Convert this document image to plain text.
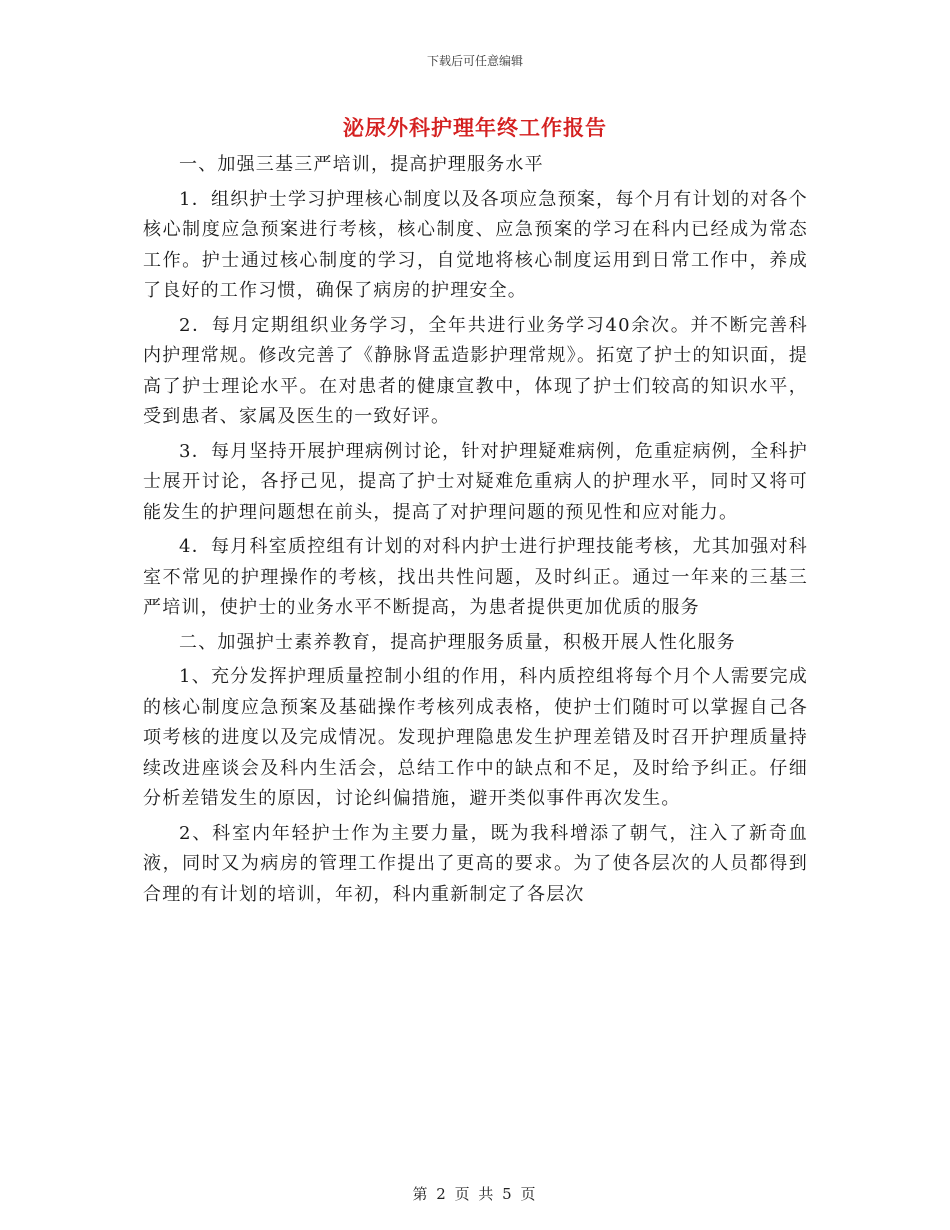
下载后可任意编辑
泌尿外科护理年终工作报告

一、加强三基三严培训，提高护理服务水平

1．组织护士学习护理核心制度以及各项应急预案，每个月有计划的对各个核心制度应急预案进行考核，核心制度、应急预案的学习在科内已经成为常态工作。护士通过核心制度的学习，自觉地将核心制度运用到日常工作中，养成了良好的工作习惯，确保了病房的护理安全。

2．每月定期组织业务学习，全年共进行业务学习40余次。并不断完善科内护理常规。修改完善了《静脉肾盂造影护理常规》。拓宽了护士的知识面，提高了护士理论水平。在对患者的健康宣教中，体现了护士们较高的知识水平，受到患者、家属及医生的一致好评。

3．每月坚持开展护理病例讨论，针对护理疑难病例，危重症病例，全科护士展开讨论，各抒己见，提高了护士对疑难危重病人的护理水平，同时又将可能发生的护理问题想在前头，提高了对护理问题的预见性和应对能力。

4．每月科室质控组有计划的对科内护士进行护理技能考核，尤其加强对科室不常见的护理操作的考核，找出共性问题，及时纠正。通过一年来的三基三严培训，使护士的业务水平不断提高，为患者提供更加优质的服务

二、加强护士素养教育，提高护理服务质量，积极开展人性化服务

1、充分发挥护理质量控制小组的作用，科内质控组将每个月个人需要完成的核心制度应急预案及基础操作考核列成表格，使护士们随时可以掌握自己各项考核的进度以及完成情况。发现护理隐患发生护理差错及时召开护理质量持续改进座谈会及科内生活会，总结工作中的缺点和不足，及时给予纠正。仔细分析差错发生的原因，讨论纠偏措施，避开类似事件再次发生。

2、科室内年轻护士作为主要力量，既为我科增添了朝气，注入了新奇血液，同时又为病房的管理工作提出了更高的要求。为了使各层次的人员都得到合理的有计划的培训，年初，科内重新制定了各层次

第 2 页 共 5 页
